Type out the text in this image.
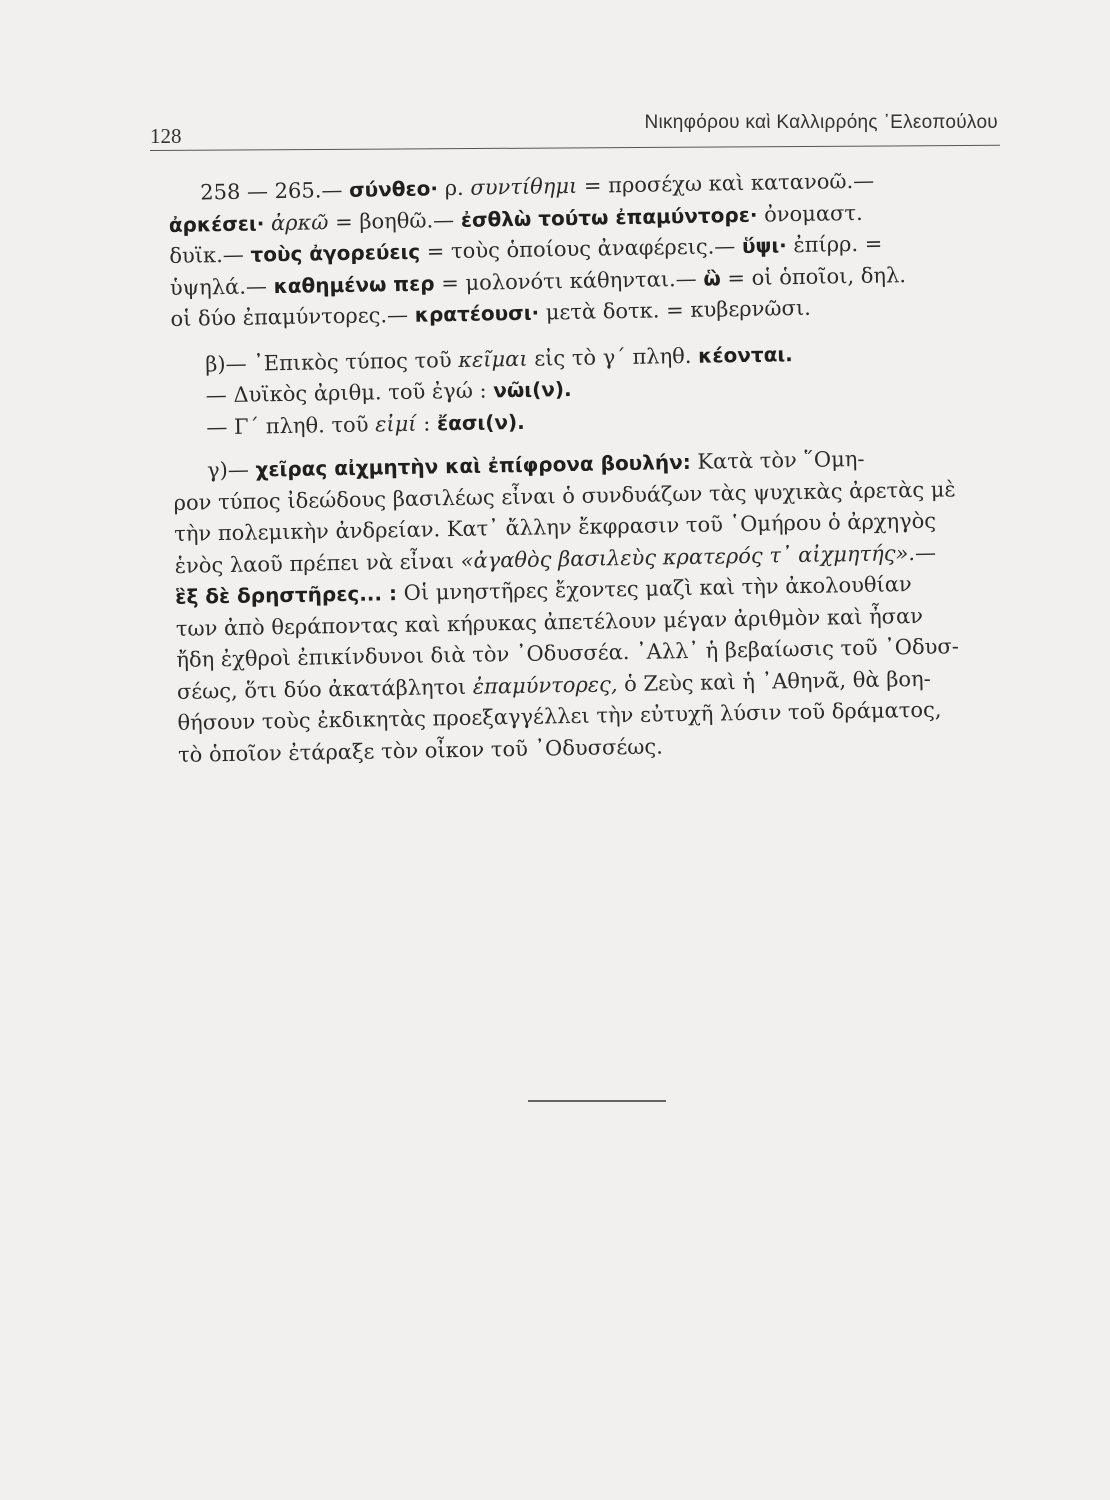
128
Νικηφόρου καὶ Καλλιρρόης ᾿Ελεοπούλου
258 — 265.— σύνθεο· ρ. συντίθημι = προσέχω καὶ κατανοῶ.—
ἀρκέσει· ἀρκῶ = βοηθῶ.— ἐσθλὼ τούτω ἐπαμύντορε· ὀνομαστ.
δυϊκ.— τοὺς ἀγορεύεις = τοὺς ὁποίους ἀναφέρεις.— ὕψι· ἐπίρρ. =
ὑψηλά.— καθημένω περ = μολονότι κάθηνται.— ὣ = οἱ ὁποῖοι, δηλ.
οἱ δύο ἐπαμύντορες.— κρατέουσι· μετὰ δοτκ. = κυβερνῶσι.
β)— ᾿Επικὸς τύπος τοῦ κεῖμαι εἰς τὸ γ΄ πληθ. κέονται.
— Δυϊκὸς ἀριθμ. τοῦ ἐγώ : νῶι(ν).
— Γ΄ πληθ. τοῦ εἰμί : ἔασι(ν).
γ)— χεῖρας αἰχμητὴν καὶ ἐπίφρονα βουλήν: Κατὰ τὸν ῞Ομη-
ρον τύπος ἰδεώδους βασιλέως εἶναι ὁ συνδυάζων τὰς ψυχικὰς ἀρετὰς μὲ
τὴν πολεμικὴν ἀνδρείαν. Κατ᾿ ἄλλην ἔκφρασιν τοῦ ῾Ομήρου ὁ ἀρχηγὸς
ἑνὸς λαοῦ πρέπει νὰ εἶναι «ἀγαθὸς βασιλεὺς κρατερός τ᾿ αἰχμητής».—
ἓξ δὲ δρηστῆρες... : Οἱ μνηστῆρες ἔχοντες μαζὶ καὶ τὴν ἀκολουθίαν
των ἀπὸ θεράποντας καὶ κήρυκας ἀπετέλουν μέγαν ἀριθμὸν καὶ ἦσαν
ἤδη ἐχθροὶ ἐπικίνδυνοι διὰ τὸν ᾿Οδυσσέα. ᾿Αλλ᾿ ἡ βεβαίωσις τοῦ ᾿Οδυσ-
σέως, ὅτι δύο ἀκατάβλητοι ἐπαμύντορες, ὁ Ζεὺς καὶ ἡ ᾿Αθηνᾶ, θὰ βοη-
θήσουν τοὺς ἐκδικητὰς προεξαγγέλλει τὴν εὐτυχῆ λύσιν τοῦ δράματος,
τὸ ὁποῖον ἐτάραξε τὸν οἶκον τοῦ ᾿Οδυσσέως.
